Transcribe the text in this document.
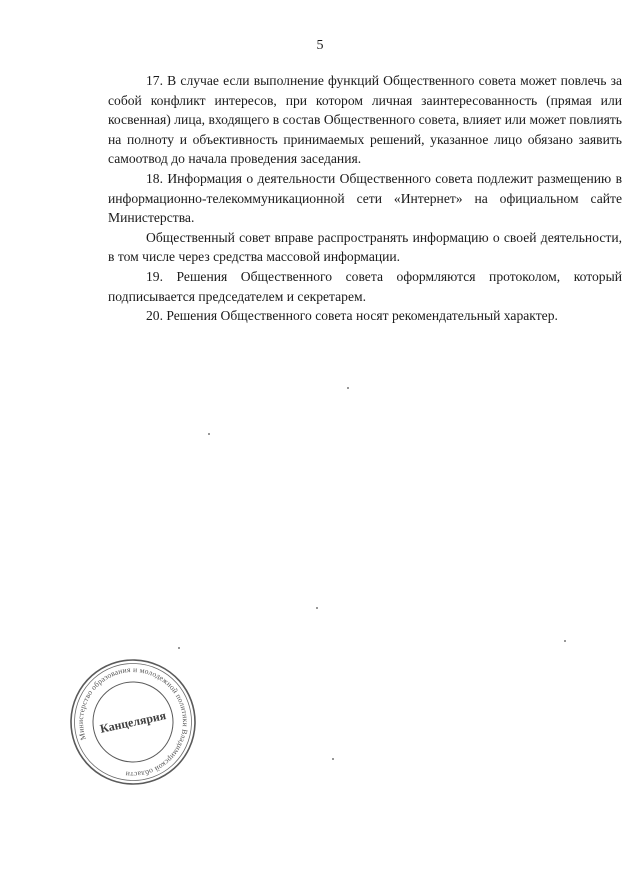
5

17. В случае если выполнение функций Общественного совета может повлечь за собой конфликт интересов, при котором личная заинтересованность (прямая или косвенная) лица, входящего в состав Общественного совета, влияет или может повлиять на полноту и объективность принимаемых решений, указанное лицо обязано заявить самоотвод до начала проведения заседания.

18. Информация о деятельности Общественного совета подлежит размещению в информационно-телекоммуникационной сети «Интернет» на официальном сайте Министерства.

Общественный совет вправе распространять информацию о своей деятельности, в том числе через средства массовой информации.

19. Решения Общественного совета оформляются протоколом, который подписывается председателем и секретарем.

20. Решения Общественного совета носят рекомендательный характер.

Министерство образования и молодежной политики Владимирской области
Канцелярия
